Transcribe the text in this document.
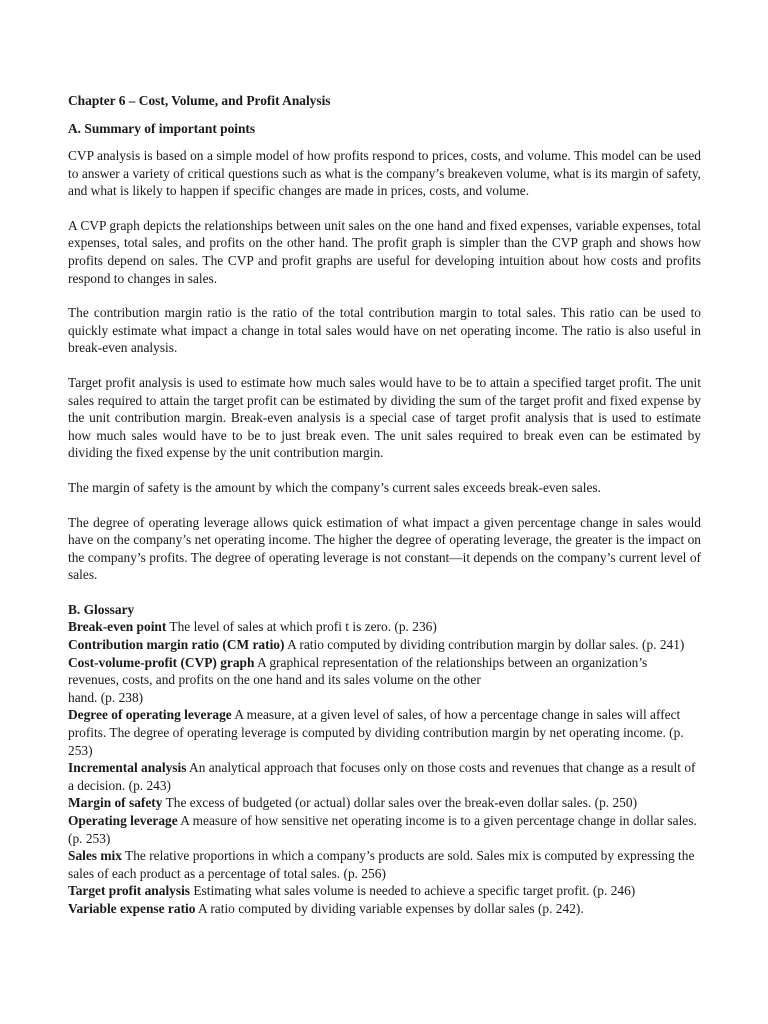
Chapter 6 – Cost, Volume, and Profit Analysis
A. Summary of important points

CVP analysis is based on a simple model of how profits respond to prices, costs, and volume. This model can be used to answer a variety of critical questions such as what is the company’s breakeven volume, what is its margin of safety, and what is likely to happen if specific changes are made in prices, costs, and volume.

A CVP graph depicts the relationships between unit sales on the one hand and fixed expenses, variable expenses, total expenses, total sales, and profits on the other hand. The profit graph is simpler than the CVP graph and shows how profits depend on sales. The CVP and profit graphs are useful for developing intuition about how costs and profits respond to changes in sales.

The contribution margin ratio is the ratio of the total contribution margin to total sales. This ratio can be used to quickly estimate what impact a change in total sales would have on net operating income. The ratio is also useful in break-even analysis.

Target profit analysis is used to estimate how much sales would have to be to attain a specified target profit. The unit sales required to attain the target profit can be estimated by dividing the sum of the target profit and fixed expense by the unit contribution margin. Break-even analysis is a special case of target profit analysis that is used to estimate how much sales would have to be to just break even. The unit sales required to break even can be estimated by dividing the fixed expense by the unit contribution margin.

The margin of safety is the amount by which the company’s current sales exceeds break-even sales.

The degree of operating leverage allows quick estimation of what impact a given percentage change in sales would have on the company’s net operating income. The higher the degree of operating leverage, the greater is the impact on the company’s profits. The degree of operating leverage is not constant—it depends on the company’s current level of sales.

B. Glossary

Break-even point The level of sales at which profi t is zero. (p. 236)

Contribution margin ratio (CM ratio) A ratio computed by dividing contribution margin by dollar sales. (p. 241)

Cost-volume-profit (CVP) graph A graphical representation of the relationships between an organization’s revenues, costs, and profits on the one hand and its sales volume on the other
hand. (p. 238)

Degree of operating leverage A measure, at a given level of sales, of how a percentage change in sales will affect profits. The degree of operating leverage is computed by dividing contribution margin by net operating income. (p. 253)

Incremental analysis An analytical approach that focuses only on those costs and revenues that change as a result of a decision. (p. 243)

Margin of safety The excess of budgeted (or actual) dollar sales over the break-even dollar sales. (p. 250)

Operating leverage A measure of how sensitive net operating income is to a given percentage change in dollar sales. (p. 253)

Sales mix The relative proportions in which a company’s products are sold. Sales mix is computed by expressing the sales of each product as a percentage of total sales. (p. 256)

Target profit analysis Estimating what sales volume is needed to achieve a specific target profit. (p. 246)

Variable expense ratio A ratio computed by dividing variable expenses by dollar sales (p. 242).
